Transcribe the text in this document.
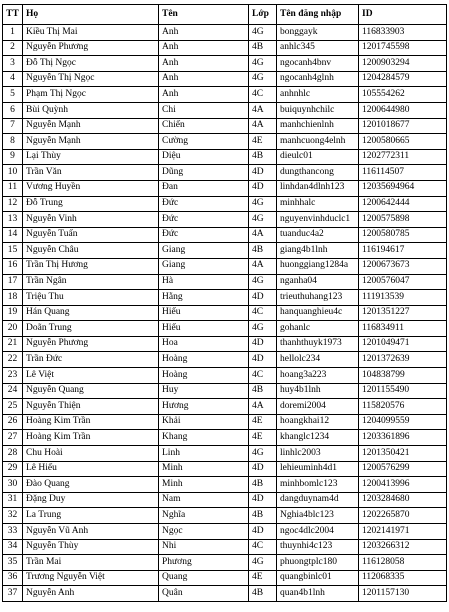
TT	Họ	Tên	Lớp	Tên đăng nhập	ID
1	Kiều Thị Mai	Anh	4G	bonggayk	116833903
2	Nguyễn Phương	Anh	4B	anhlc345	1201745598
3	Đỗ Thị Ngọc	Anh	4G	ngocanh4bnv	1200903294
4	Nguyễn Thị Ngọc	Anh	4G	ngocanh4glnh	1204284579
5	Phạm Thị Ngọc	Anh	4C	anhnhlc	105554262
6	Bùi Quỳnh	Chi	4A	buiquynhchilc	1200644980
7	Nguyễn Mạnh	Chiến	4A	manhchienlnh	1201018677
8	Nguyễn Mạnh	Cường	4E	manhcuong4elnh	1200580665
9	Lại Thùy	Diệu	4B	dieulc01	1202772311
10	Trần Văn	Dũng	4D	dungthancong	116114507
11	Vương Huyền	Đan	4D	linhdan4dlnh123	12035694964
12	Đỗ Trung	Đức	4G	minhhalc	1200642444
13	Nguyễn Vinh	Đức	4G	nguyenvinhduclc1	1200575898
14	Nguyễn Tuấn	Đức	4A	tuanduc4a2	1200580785
15	Nguyễn Châu	Giang	4B	giang4b1lnh	116194617
16	Trần Thị Hương	Giang	4A	huonggiang1284a	1200673673
17	Trần Ngân	Hà	4G	nganha04	1200576047
18	Triệu Thu	Hằng	4D	trieuthuhang123	111913539
19	Hán Quang	Hiếu	4C	hanquanghieu4c	1201351227
20	Doãn Trung	Hiếu	4G	gohanlc	116834911
21	Nguyễn Phương	Hoa	4D	thanhthuyk1973	1201049471
22	Trần Đức	Hoàng	4D	hellolc234	1201372639
23	Lê Việt	Hoàng	4C	hoang3a223	104838799
24	Nguyễn Quang	Huy	4B	huy4b1lnh	1201155490
25	Nguyễn Thiện	Hương	4A	doremi2004	115820576
26	Hoàng Kim Trần	Khải	4E	hoangkhai12	1204099559
27	Hoàng Kim Trần	Khang	4E	khanglc1234	1203361896
28	Chu Hoài	Linh	4G	linhlc2003	1201350421
29	Lê Hiếu	Minh	4D	lehieuminh4d1	1200576299
30	Đào Quang	Minh	4B	minhbomlc123	1200413996
31	Đặng Duy	Nam	4D	dangduynam4d	1203284680
32	La Trung	Nghĩa	4B	Nghia4blc123	1202265870
33	Nguyễn Vũ Anh	Ngọc	4D	ngoc4dlc2004	1202141971
34	Nguyễn Thùy	Nhi	4C	thuynhi4c123	1203266312
35	Trần Mai	Phương	4G	phuongtplc180	116128058
36	Trương Nguyễn Việt	Quang	4E	quangbinlc01	112068335
37	Nguyễn Anh	Quân	4B	quan4b1lnh	1201157130
